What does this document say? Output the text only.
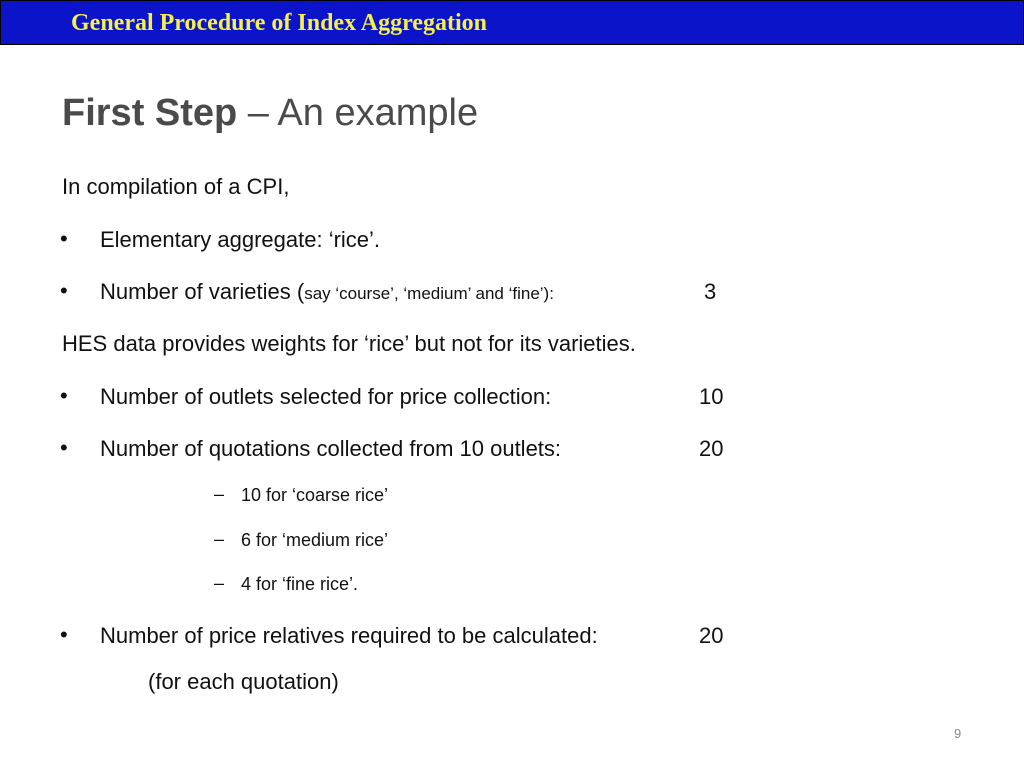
General Procedure of Index Aggregation
First Step – An example
In compilation of a CPI,
• Elementary aggregate: ‘rice’.
• Number of varieties (say ‘course’, ‘medium’ and ‘fine’):	3
HES data provides weights for ‘rice’ but not for its varieties.
• Number of outlets selected for price collection:	10
• Number of quotations collected from 10 outlets:	20
– 10 for ‘coarse rice’
– 6 for ‘medium rice’
– 4 for ‘fine rice’.
• Number of price relatives required to be calculated:	20
(for each quotation)
9
